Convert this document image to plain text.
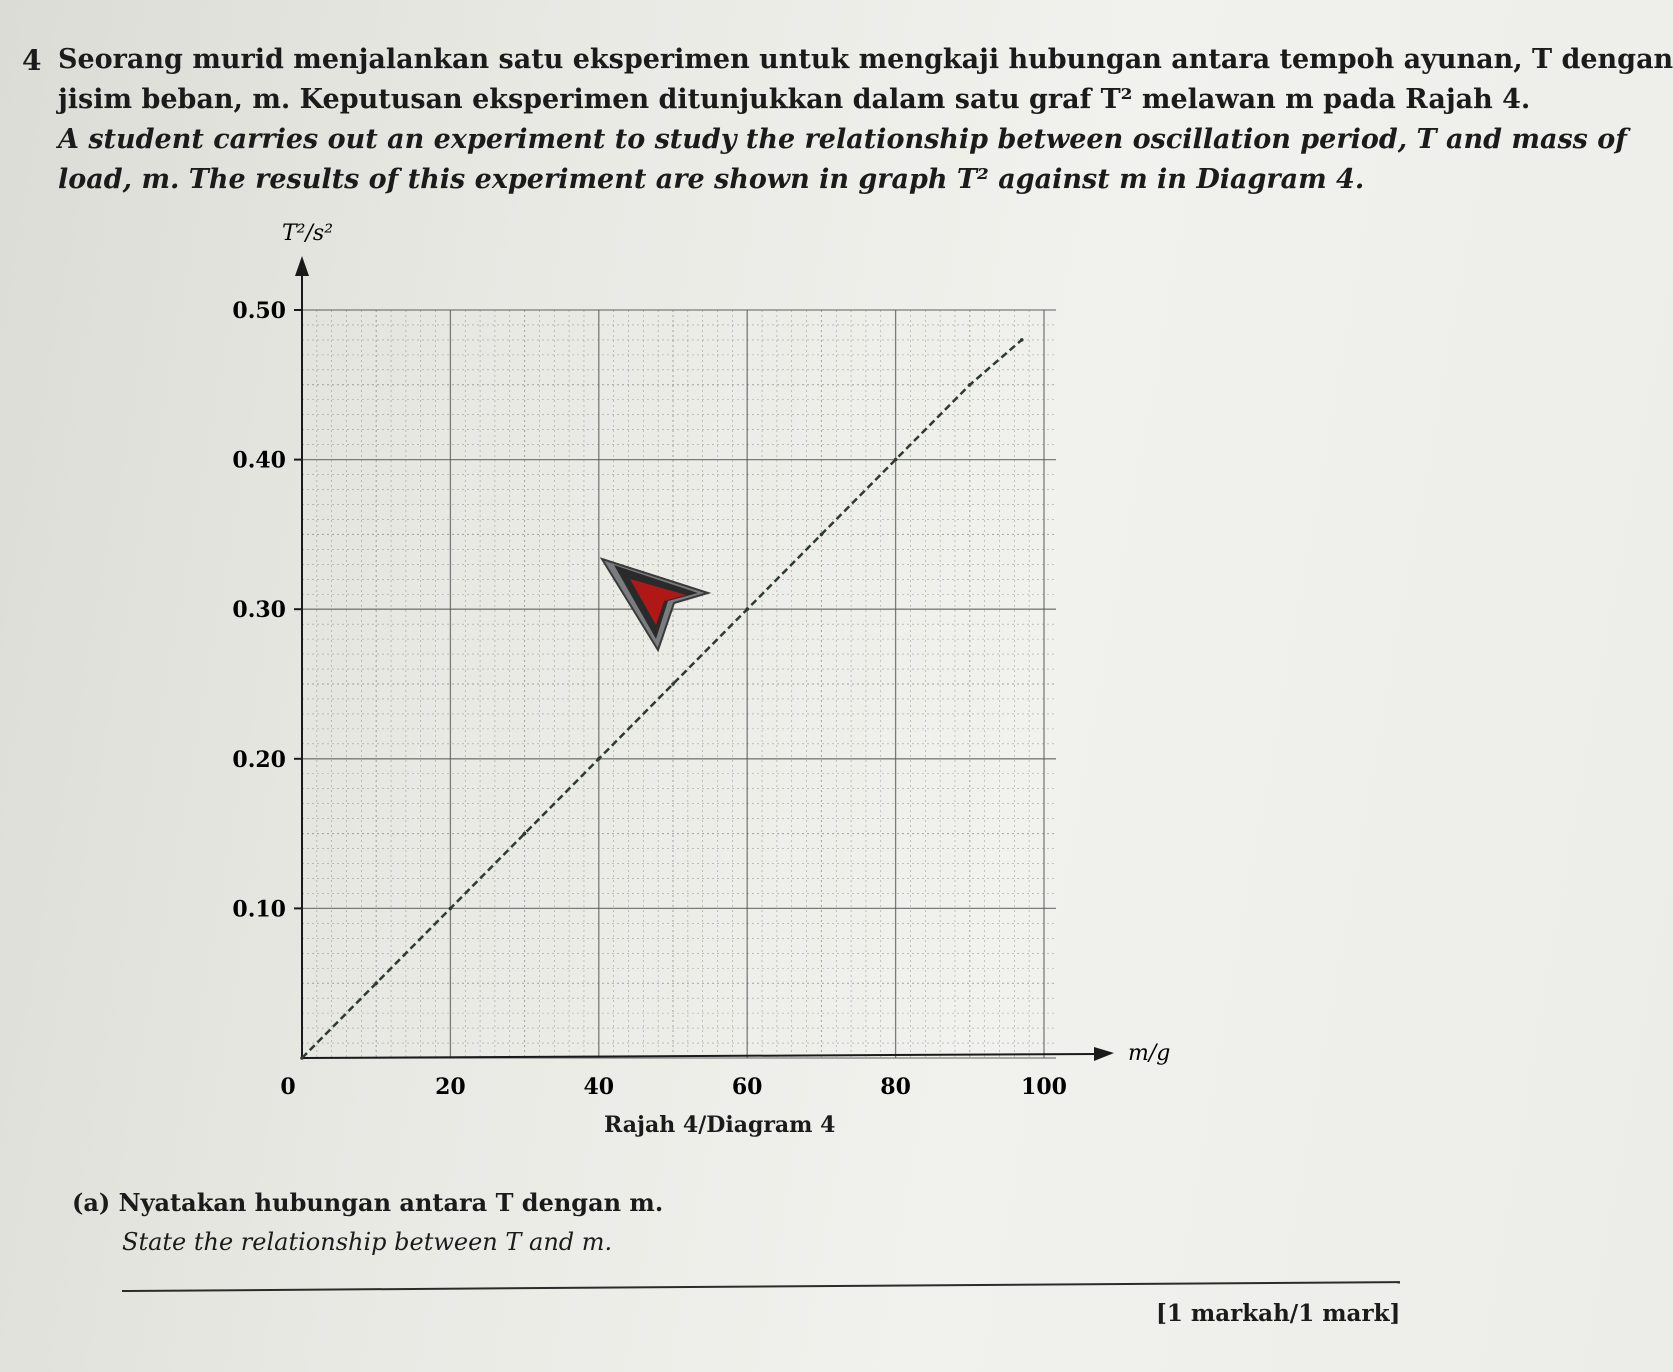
4 Seorang murid menjalankan satu eksperimen untuk mengkaji hubungan antara tempoh ayunan, T dengan
jisim beban, m. Keputusan eksperimen ditunjukkan dalam satu graf T² melawan m pada Rajah 4.
A student carries out an experiment to study the relationship between oscillation period, T and mass of
load, m. The results of this experiment are shown in graph T² against m in Diagram 4.
0.10
0.20
0.30
0.40
0.50
0	20	40	60	80	100
T²/s²
m/g
Rajah 4/Diagram 4
(a) Nyatakan hubungan antara T dengan m.
State the relationship between T and m.
[1 markah/1 mark]
